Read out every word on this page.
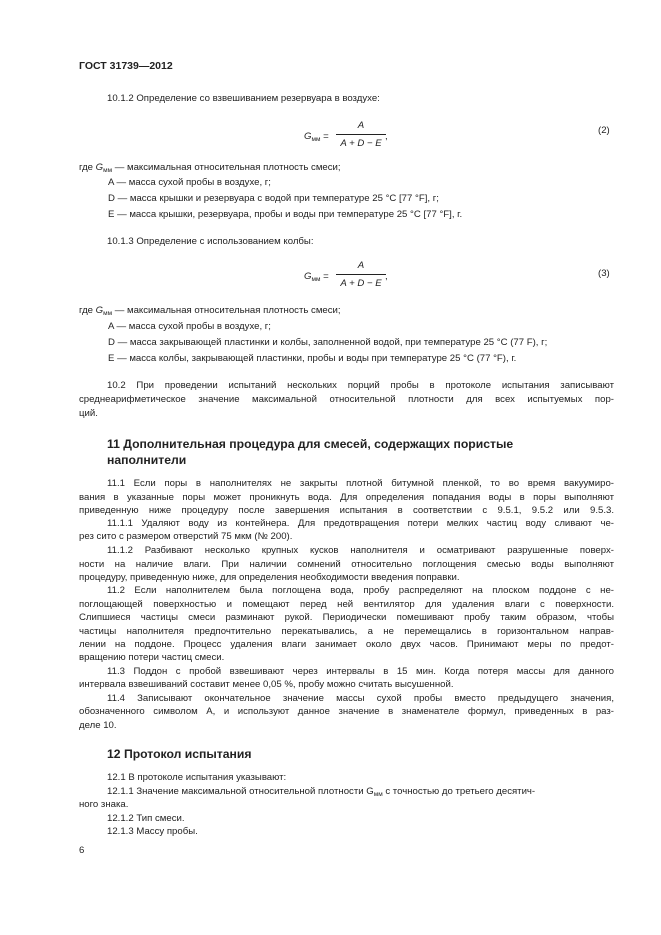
ГОСТ 31739—2012
10.1.2 Определение со взвешиванием резервуара в воздухе:
$G_{мм}$ =
A
A + D − E
,
(2)
где $G_{мм}$ — максимальная относительная плотность смеси;
A — масса сухой пробы в воздухе, г;
D — масса крышки и резервуара с водой при температуре 25 °С [77 °F], г;
E — масса крышки, резервуара, пробы и воды при температуре 25 °С [77 °F], г.
10.1.3 Определение с использованием колбы:
$G_{мм}$ =
A
A + D − E
,	(3)
где $G_{мм}$ — максимальная относительная плотность смеси;
A — масса сухой пробы в воздухе, г;
D — масса закрывающей пластинки и колбы, заполненной водой, при температуре 25 °С (77 F), г;
E — масса колбы, закрывающей пластинки, пробы и воды при температуре 25 °С (77 °F), г.
10.2 При проведении испытаний нескольких порций пробы в протоколе испытания записывают
среднеарифметическое значение максимальной относительной плотности для всех испытуемых пор-
ций.
11 Дополнительная процедура для смесей, содержащих пористые
наполнители
11.1 Если поры в наполнителях не закрыты плотной битумной пленкой, то во время вакуумиро-
вания в указанные поры может проникнуть вода. Для определения попадания воды в поры выполняют
приведенную ниже процедуру после завершения испытания в соответствии с 9.5.1, 9.5.2 или 9.5.3.
11.1.1 Удаляют воду из контейнера. Для предотвращения потери мелких частиц воду сливают че-
рез сито с размером отверстий 75 мкм (№ 200).
11.1.2 Разбивают несколько крупных кусков наполнителя и осматривают разрушенные поверх-
ности на наличие влаги. При наличии сомнений относительно поглощения смесью воды выполняют
процедуру, приведенную ниже, для определения необходимости введения поправки.
11.2 Если наполнителем была поглощена вода, пробу распределяют на плоском поддоне с не-
поглощающей поверхностью и помещают перед ней вентилятор для удаления влаги с поверхности.
Слипшиеся частицы смеси разминают рукой. Периодически помешивают пробу таким образом, чтобы
частицы наполнителя предпочтительно перекатывались, а не перемещались в горизонтальном направ-
лении на поддоне. Процесс удаления влаги занимает около двух часов. Принимают меры по предот-
вращению потери частиц смеси.
11.3 Поддон с пробой взвешивают через интервалы в 15 мин. Когда потеря массы для данного
интервала взвешиваний составит менее 0,05 %, пробу можно считать высушенной.
11.4 Записывают окончательное значение массы сухой пробы вместо предыдущего значения,
обозначенного символом A, и используют данное значение в знаменателе формул, приведенных в раз-
деле 10.
12 Протокол испытания
12.1 В протоколе испытания указывают:
12.1.1 Значение максимальной относительной плотности $G_{мм}$ с точностью до третьего десятич-
ного знака.
12.1.2 Тип смеси.
12.1.3 Массу пробы.
6
